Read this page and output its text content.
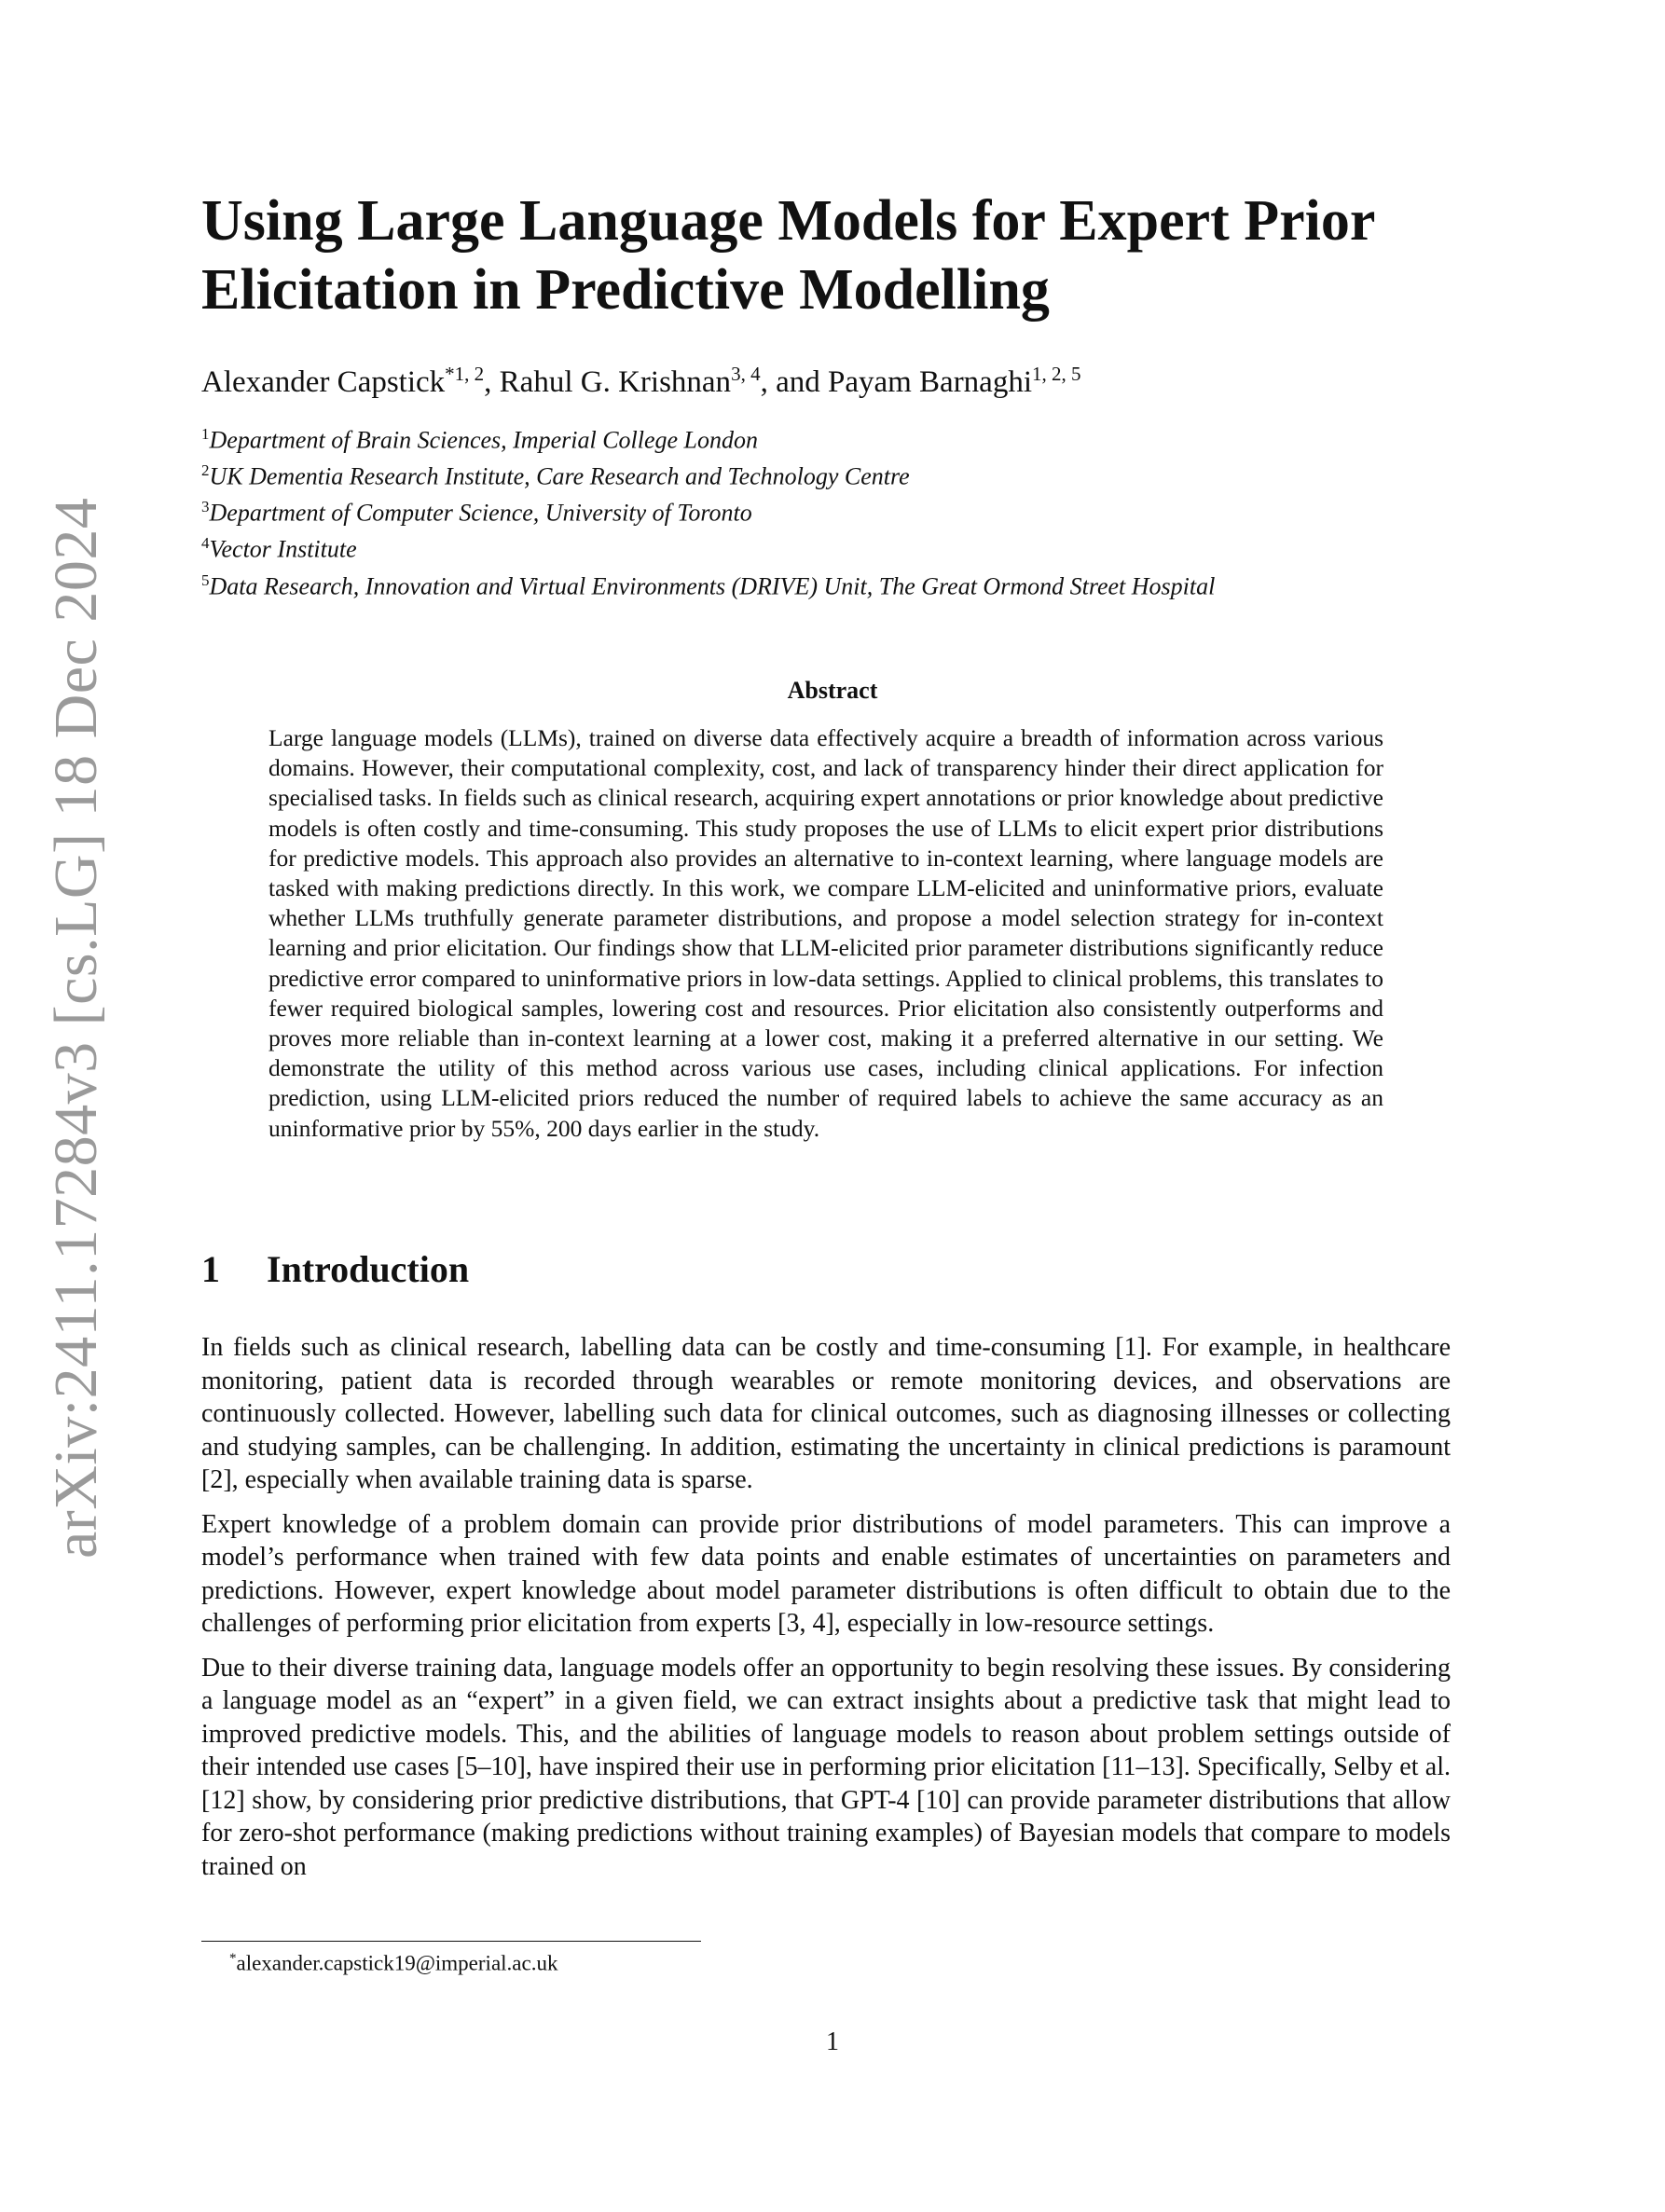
arXiv:2411.17284v3 [cs.LG] 18 Dec 2024
Using Large Language Models for Expert Prior Elicitation in Predictive Modelling
Alexander Capstick$^{*1, 2}$, Rahul G. Krishnan$^{3, 4}$, and Payam Barnaghi$^{1, 2, 5}$
$^1$Department of Brain Sciences, Imperial College London
$^2$UK Dementia Research Institute, Care Research and Technology Centre
$^3$Department of Computer Science, University of Toronto
$^4$Vector Institute
$^5$Data Research, Innovation and Virtual Environments (DRIVE) Unit, The Great Ormond Street Hospital
Abstract
Large language models (LLMs), trained on diverse data effectively acquire a breadth of information across various domains. However, their computational complexity, cost, and lack of transparency hinder their direct application for specialised tasks. In fields such as clinical research, acquiring expert annotations or prior knowledge about predictive models is often costly and time-consuming. This study proposes the use of LLMs to elicit expert prior distributions for predictive models. This approach also provides an alternative to in-context learning, where language models are tasked with making predictions directly. In this work, we compare LLM-elicited and uninformative priors, evaluate whether LLMs truthfully generate parameter distributions, and propose a model selection strategy for in-context learning and prior elicitation. Our findings show that LLM-elicited prior parameter distributions significantly reduce predictive error compared to uninformative priors in low-data settings. Applied to clinical problems, this translates to fewer required biological samples, lowering cost and resources. Prior elicitation also consistently outperforms and proves more reliable than in-context learning at a lower cost, making it a preferred alternative in our setting. We demonstrate the utility of this method across various use cases, including clinical applications. For infection prediction, using LLM-elicited priors reduced the number of required labels to achieve the same accuracy as an uninformative prior by 55%, 200 days earlier in the study.
1 Introduction

In fields such as clinical research, labelling data can be costly and time-consuming [1]. For example, in healthcare monitoring, patient data is recorded through wearables or remote monitoring devices, and observations are continuously collected. However, labelling such data for clinical outcomes, such as diagnosing illnesses or collecting and studying samples, can be challenging. In addition, estimating the uncertainty in clinical predictions is paramount [2], especially when available training data is sparse.

Expert knowledge of a problem domain can provide prior distributions of model parameters. This can improve a model’s performance when trained with few data points and enable estimates of uncertainties on parameters and predictions. However, expert knowledge about model parameter distributions is often difficult to obtain due to the challenges of performing prior elicitation from experts [3, 4], especially in low-resource settings.

Due to their diverse training data, language models offer an opportunity to begin resolving these issues. By considering a language model as an “expert” in a given field, we can extract insights about a predictive task that might lead to improved predictive models. This, and the abilities of language models to reason about problem settings outside of their intended use cases [5–10], have inspired their use in performing prior elicitation [11–13]. Specifically, Selby et al. [12] show, by considering prior predictive distributions, that GPT-4 [10] can provide parameter distributions that allow for zero-shot performance (making predictions without training examples) of Bayesian models that compare to models trained on

*alexander.capstick19@imperial.ac.uk
1
